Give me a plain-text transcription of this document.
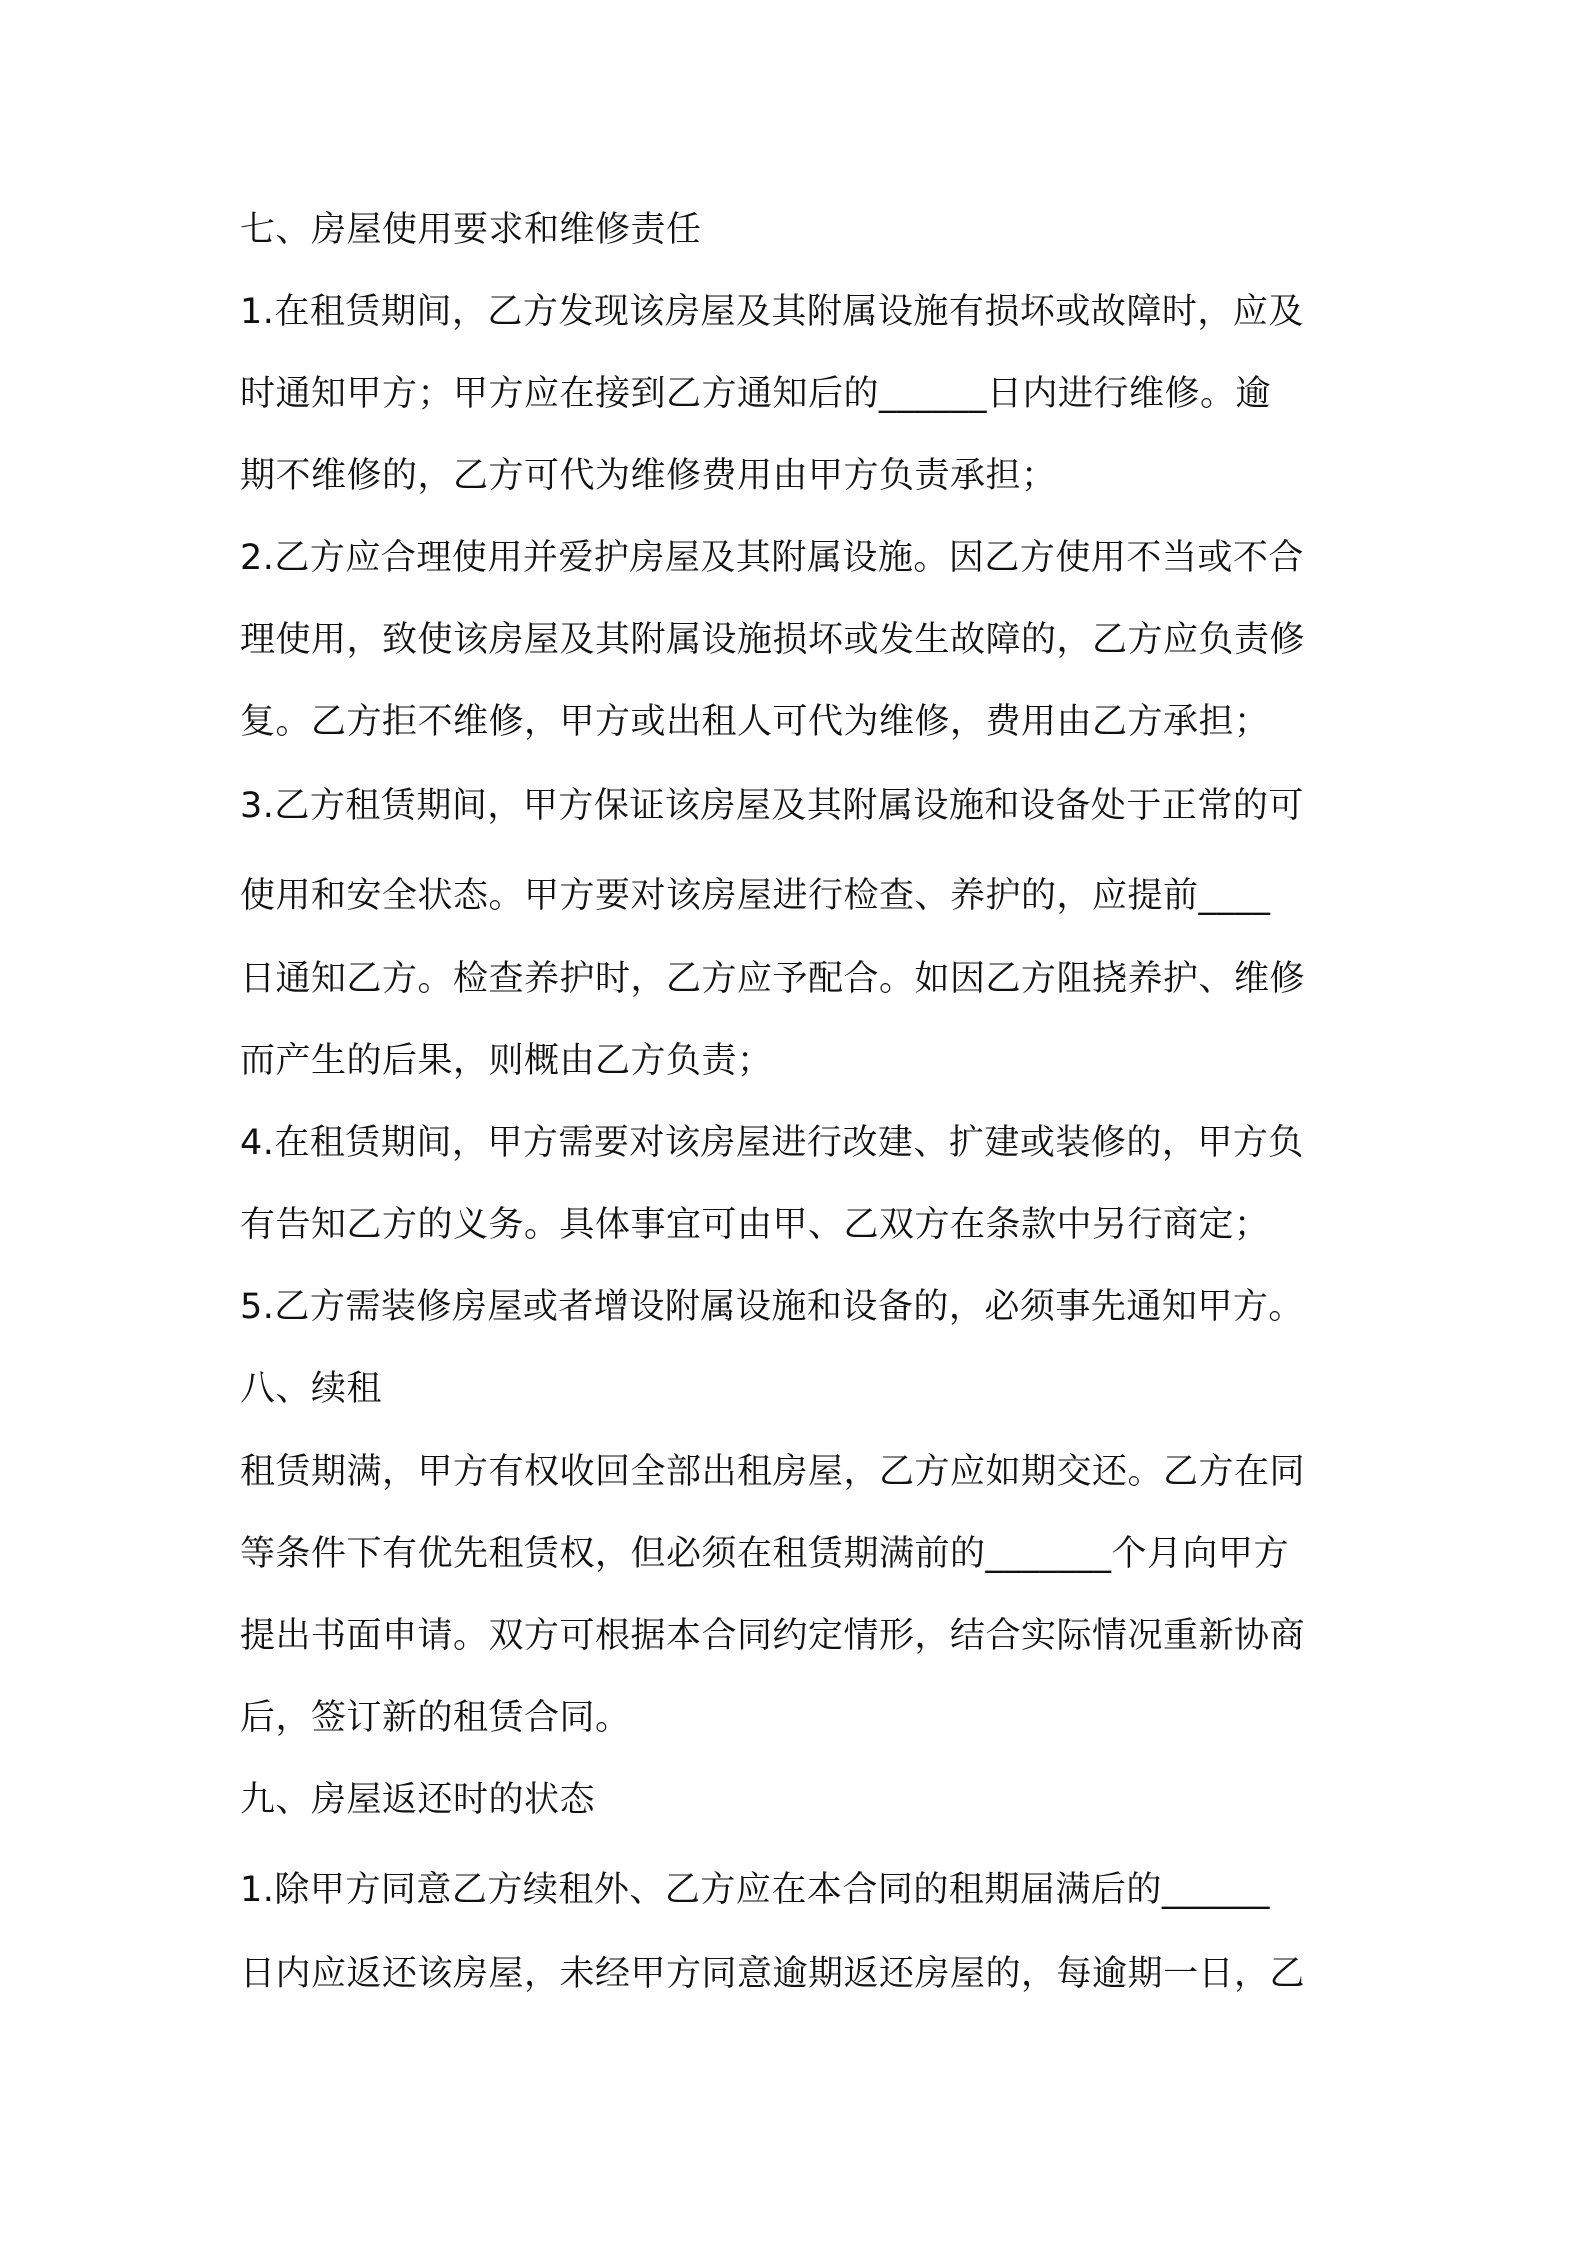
七、房屋使用要求和维修责任
1.在租赁期间，乙方发现该房屋及其附属设施有损坏或故障时，应及
时通知甲方；甲方应在接到乙方通知后的______日内进行维修。逾
期不维修的，乙方可代为维修费用由甲方负责承担；
2.乙方应合理使用并爱护房屋及其附属设施。因乙方使用不当或不合
理使用，致使该房屋及其附属设施损坏或发生故障的，乙方应负责修
复。乙方拒不维修，甲方或出租人可代为维修，费用由乙方承担；
3.乙方租赁期间，甲方保证该房屋及其附属设施和设备处于正常的可
使用和安全状态。甲方要对该房屋进行检查、养护的，应提前____
日通知乙方。检查养护时，乙方应予配合。如因乙方阻挠养护、维修
而产生的后果，则概由乙方负责；
4.在租赁期间，甲方需要对该房屋进行改建、扩建或装修的，甲方负
有告知乙方的义务。具体事宜可由甲、乙双方在条款中另行商定；
5.乙方需装修房屋或者增设附属设施和设备的，必须事先通知甲方。
八、续租
租赁期满，甲方有权收回全部出租房屋，乙方应如期交还。乙方在同
等条件下有优先租赁权，但必须在租赁期满前的_______个月向甲方
提出书面申请。双方可根据本合同约定情形，结合实际情况重新协商
后，签订新的租赁合同。
九、房屋返还时的状态
1.除甲方同意乙方续租外、乙方应在本合同的租期届满后的______
日内应返还该房屋，未经甲方同意逾期返还房屋的，每逾期一日，乙
